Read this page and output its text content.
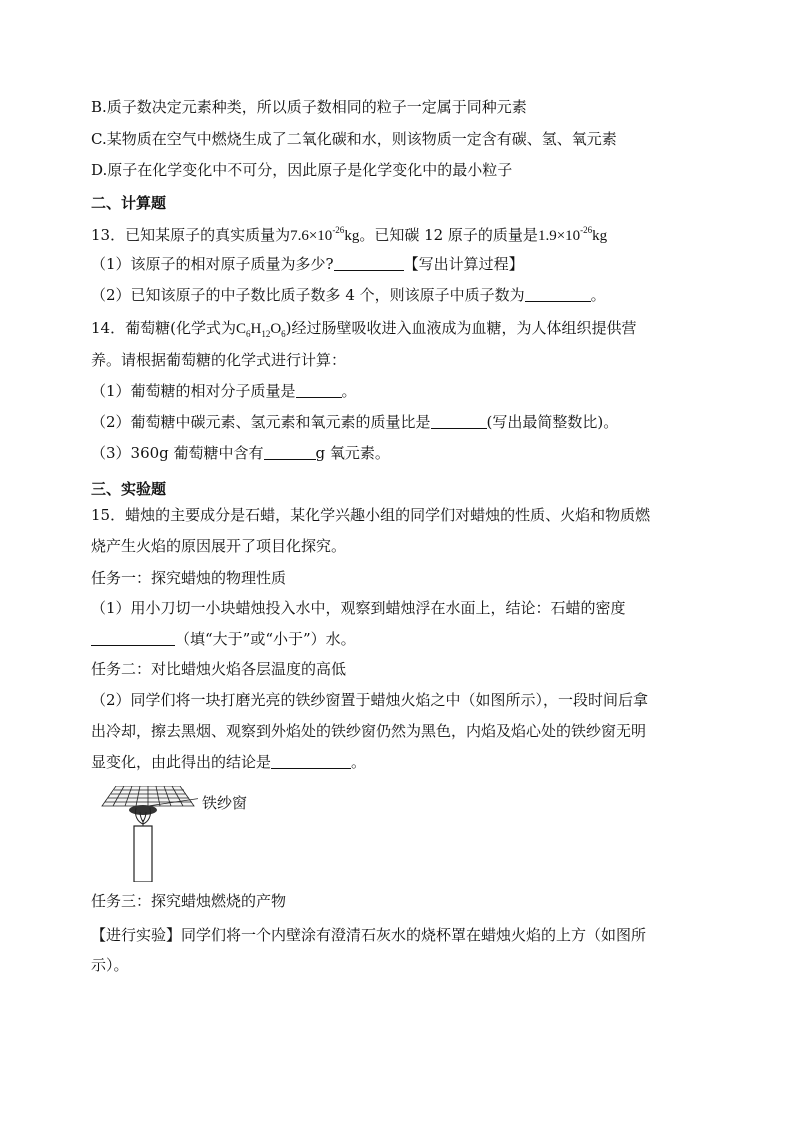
B.质子数决定元素种类，所以质子数相同的粒子一定属于同种元素
C.某物质在空气中燃烧生成了二氧化碳和水，则该物质一定含有碳、氢、氧元素
D.原子在化学变化中不可分，因此原子是化学变化中的最小粒子
二、计算题
13．已知某原子的真实质量为$7.6\times 10^{-26}kg$。已知碳 12 原子的质量是$1.9\times 10^{-26}kg$
（1）该原子的相对原子质量为多少?	【写出计算过程】
（2）已知该原子的中子数比质子数多 4 个，则该原子中质子数为	。
14．葡萄糖(化学式为$C_6H_{12}O_6$)经过肠壁吸收进入血液成为血糖，为人体组织提供营
养。请根据葡萄糖的化学式进行计算：
（1）葡萄糖的相对分子质量是	。
（2）葡萄糖中碳元素、氢元素和氧元素的质量比是	(写出最简整数比)。
（3）360g 葡萄糖中含有	g 氧元素。
三、实验题
15．蜡烛的主要成分是石蜡，某化学兴趣小组的同学们对蜡烛的性质、火焰和物质燃
烧产生火焰的原因展开了项目化探究。
任务一：探究蜡烛的物理性质
（1）用小刀切一小块蜡烛投入水中，观察到蜡烛浮在水面上，结论：石蜡的密度
（填“大于”或“小于”）水。
任务二：对比蜡烛火焰各层温度的高低
（2）同学们将一块打磨光亮的铁纱窗置于蜡烛火焰之中（如图所示），一段时间后拿
出冷却，擦去黑烟、观察到外焰处的铁纱窗仍然为黑色，内焰及焰心处的铁纱窗无明
显变化，由此得出的结论是	。
铁纱窗
任务三：探究蜡烛燃烧的产物
【进行实验】同学们将一个内壁涂有澄清石灰水的烧杯罩在蜡烛火焰的上方（如图所
示）。
